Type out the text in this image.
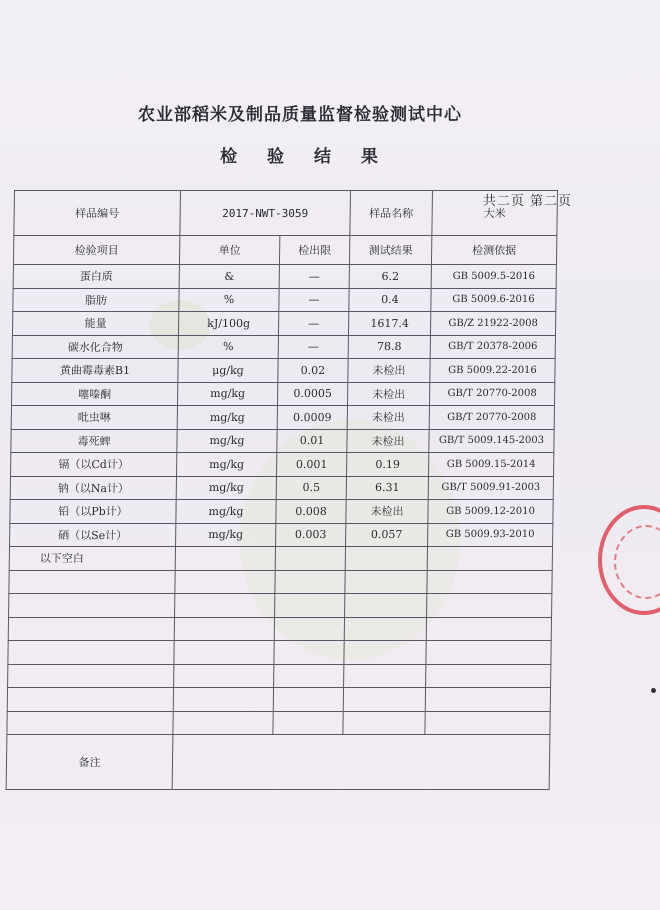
农业部稻米及制品质量监督检验测试中心
检 验 结 果
共二页 第二页
样品编号	2017-NWT-3059		样品名称	大米
检验项目	单位	检出限	测试结果	检测依据
蛋白质	&	—	6.2	GB 5009.5-2016
脂肪	%	—	0.4	GB 5009.6-2016
能量	kJ/100g	—	1617.4	GB/Z 21922-2008
碳水化合物	%	—	78.8	GB/T 20378-2006
黄曲霉毒素B1	μg/kg	0.02	未检出	GB 5009.22-2016
噻嗪酮	mg/kg	0.0005	未检出	GB/T 20770-2008
吡虫啉	mg/kg	0.0009	未检出	GB/T 20770-2008
毒死蜱	mg/kg	0.01	未检出	GB/T 5009.145-2003
镉（以Cd计）	mg/kg	0.001	0.19	GB 5009.15-2014
钠（以Na计）	mg/kg	0.5	6.31	GB/T 5009.91-2003
铅（以Pb计）	mg/kg	0.008	未检出	GB 5009.12-2010
硒（以Se计）	mg/kg	0.003	0.057	GB 5009.93-2010
以下空白				

备注				
